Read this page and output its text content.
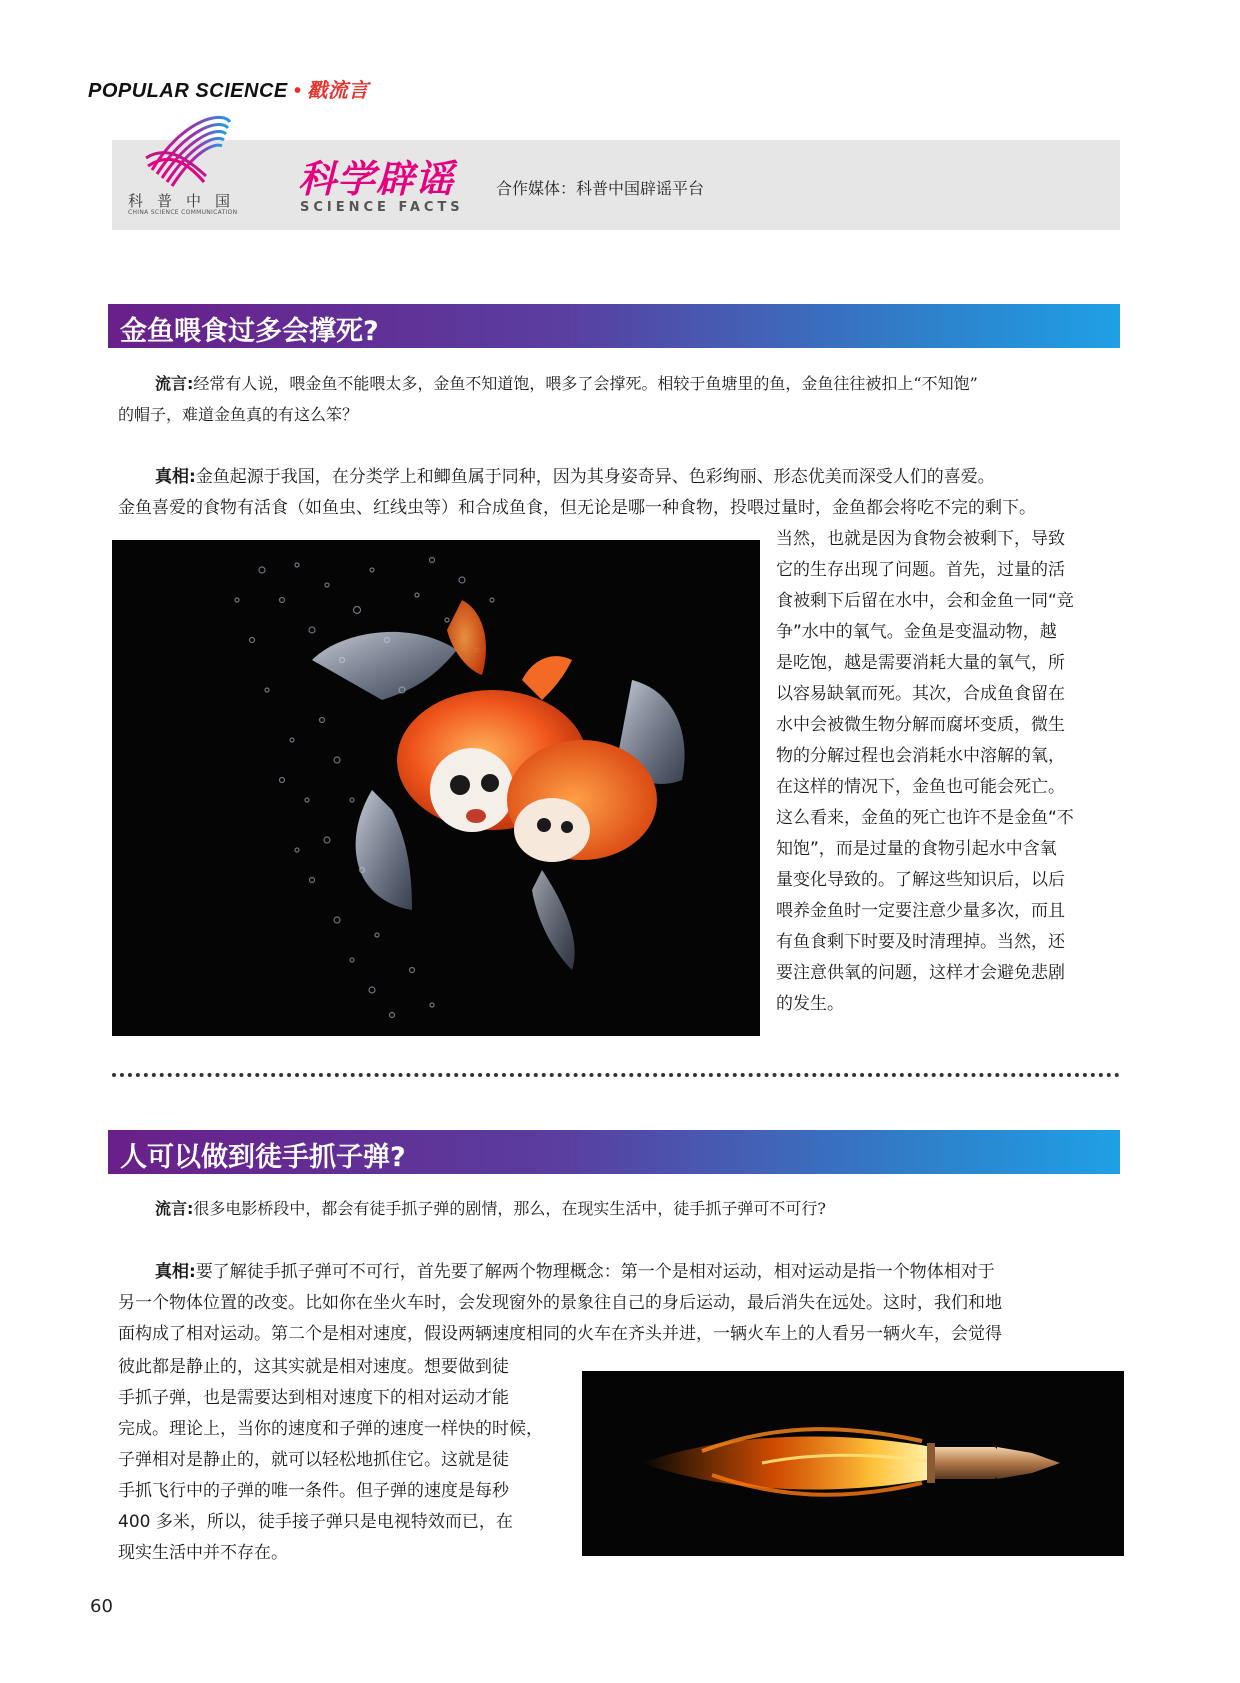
POPULAR SCIENCE • 戳流言
科普中国
CHINA SCIENCE COMMUNICATION
科学辟谣
SCIENCE FACTS
合作媒体：科普中国辟谣平台
金鱼喂食过多会撑死?
流言:经常有人说，喂金鱼不能喂太多，金鱼不知道饱，喂多了会撑死。相较于鱼塘里的鱼，金鱼往往被扣上“不知饱”
的帽子，难道金鱼真的有这么笨？
真相:金鱼起源于我国，在分类学上和鲫鱼属于同种，因为其身姿奇异、色彩绚丽、形态优美而深受人们的喜爱。
金鱼喜爱的食物有活食（如鱼虫、红线虫等）和合成鱼食，但无论是哪一种食物，投喂过量时，金鱼都会将吃不完的剩下。
当然，也就是因为食物会被剩下，导致
它的生存出现了问题。首先，过量的活
食被剩下后留在水中，会和金鱼一同“竞
争”水中的氧气。金鱼是变温动物，越
是吃饱，越是需要消耗大量的氧气，所
以容易缺氧而死。其次，合成鱼食留在
水中会被微生物分解而腐坏变质，微生
物的分解过程也会消耗水中溶解的氧，
在这样的情况下，金鱼也可能会死亡。
这么看来，金鱼的死亡也许不是金鱼“不
知饱”，而是过量的食物引起水中含氧
量变化导致的。了解这些知识后，以后
喂养金鱼时一定要注意少量多次，而且
有鱼食剩下时要及时清理掉。当然，还
要注意供氧的问题，这样才会避免悲剧
的发生。
人可以做到徒手抓子弹?
流言:很多电影桥段中，都会有徒手抓子弹的剧情，那么，在现实生活中，徒手抓子弹可不可行?
真相:要了解徒手抓子弹可不可行，首先要了解两个物理概念：第一个是相对运动，相对运动是指一个物体相对于
另一个物体位置的改变。比如你在坐火车时，会发现窗外的景象往自己的身后运动，最后消失在远处。这时，我们和地
面构成了相对运动。第二个是相对速度，假设两辆速度相同的火车在齐头并进，一辆火车上的人看另一辆火车，会觉得
彼此都是静止的，这其实就是相对速度。想要做到徒
手抓子弹，也是需要达到相对速度下的相对运动才能
完成。理论上，当你的速度和子弹的速度一样快的时候，
子弹相对是静止的，就可以轻松地抓住它。这就是徒
手抓飞行中的子弹的唯一条件。但子弹的速度是每秒
400 多米，所以，徒手接子弹只是电视特效而已，在
现实生活中并不存在。
60
